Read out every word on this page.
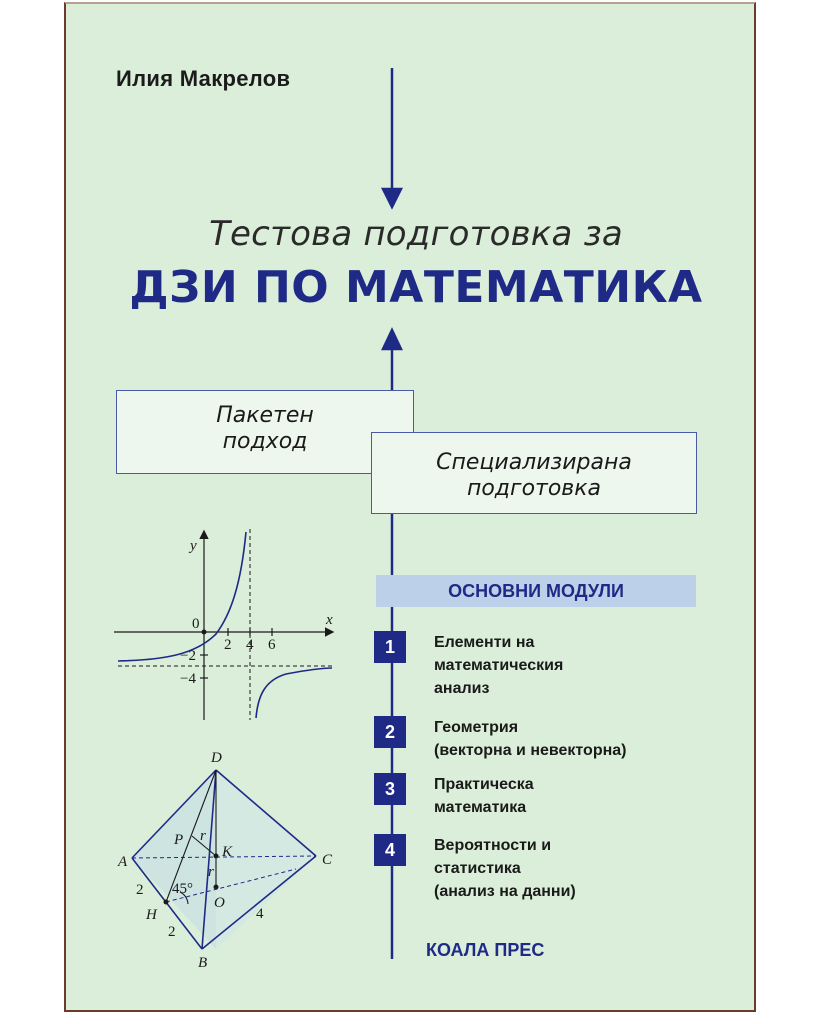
Илия Макрелов
Тестова подготовка за
ДЗИ ПО МАТЕМАТИКА
Пакетен
подход
Специализирана
подготовка
ОСНОВНИ МОДУЛИ
1	Елементи на
математическия
анализ
2	Геометрия
(векторна и невекторна)
3	Практическа
математика
4	Вероятности и
статистика
(анализ на данни)
КОАЛА ПРЕС
y
x
0
2 4 6
−2
−4
D
A
B
C
O
H
P
K
r
r
45°
2
2
4
